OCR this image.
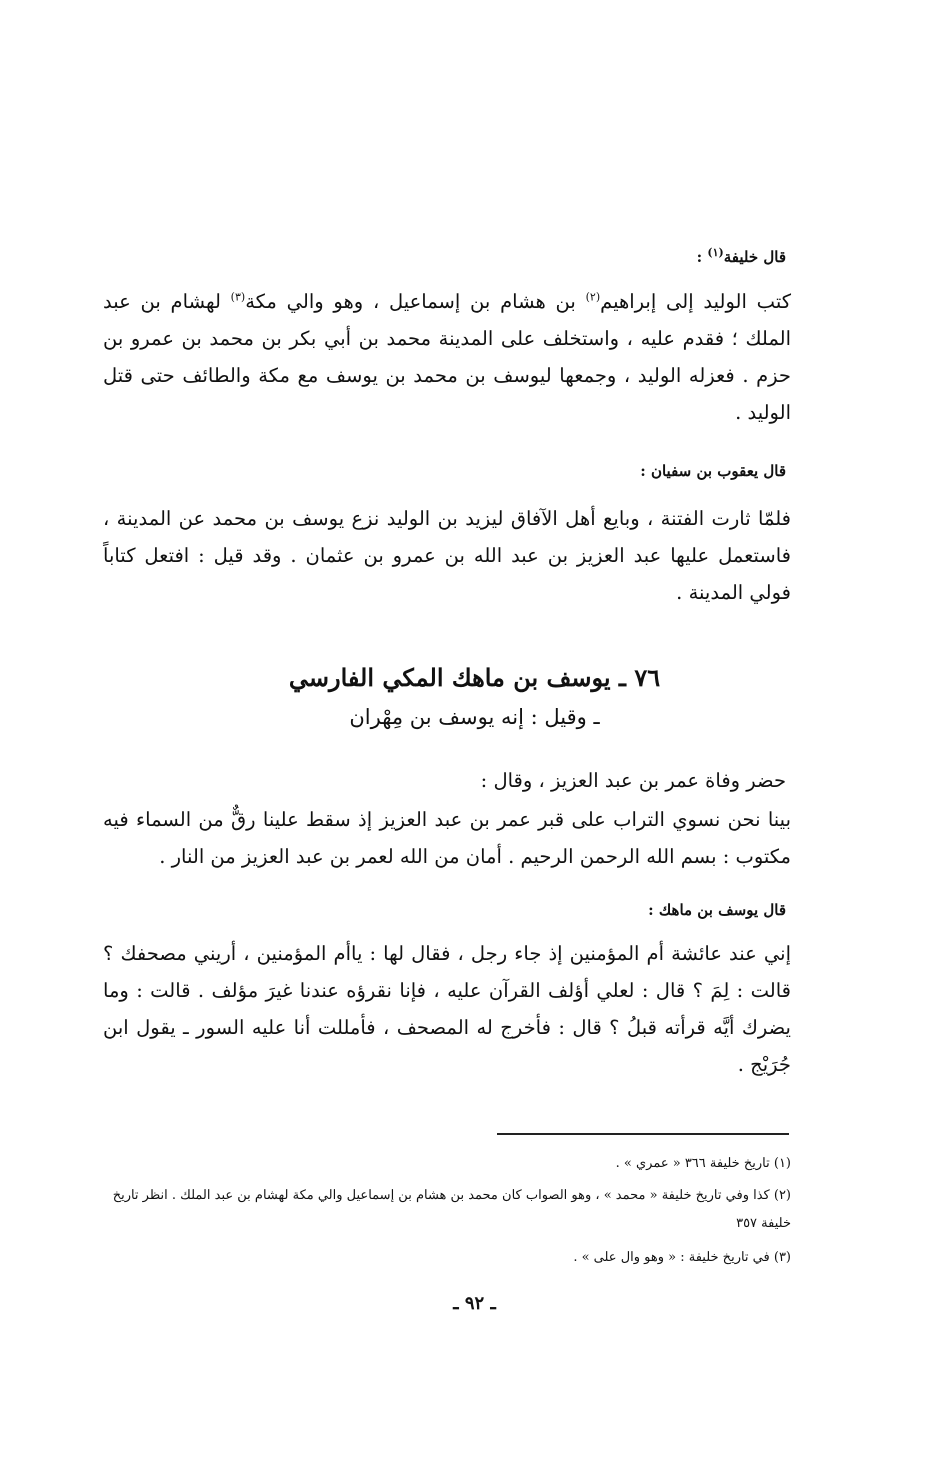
قال خليفة$^{(١)}$ :
كتب الوليد إلى إبراهيم$^{(٢)}$ بن هشام بن إسماعيل ، وهو والي مكة$^{(٣)}$ لهشام بن عبد الملك ؛ فقدم عليه ، واستخلف على المدينة محمد بن أبي بكر بن محمد بن عمرو بن حزم . فعزله الوليد ، وجمعها ليوسف بن محمد بن يوسف مع مكة والطائف حتى قتل الوليد .
قال يعقوب بن سفيان :
فلمّا ثارت الفتنة ، وبايع أهل الآفاق ليزيد بن الوليد نزع يوسف بن محمد عن المدينة ، فاستعمل عليها عبد العزيز بن عبد الله بن عمرو بن عثمان . وقد قيل : افتعل كتاباً فولي المدينة .
٧٦ ـ يوسف بن ماهك المكي الفارسي
ـ وقيل : إنه يوسف بن مِهْران
حضر وفاة عمر بن عبد العزيز ، وقال :
بينا نحن نسوي التراب على قبر عمر بن عبد العزيز إذ سقط علينا رقٌّ من السماء فيه مكتوب : بسم الله الرحمن الرحيم . أمان من الله لعمر بن عبد العزيز من النار .
قال يوسف بن ماهك :
إني عند عائشة أم المؤمنين إذ جاء رجل ، فقال لها : ياأم المؤمنين ، أريني مصحفك ؟ قالت : لِمَ ؟ قال : لعلي أؤلف القرآن عليه ، فإنا نقرؤه عندنا غيرَ مؤلف . قالت : وما يضرك أيَّه قرأته قبلُ ؟ قال : فأخرج له المصحف ، فأمللت أنا عليه السور ـ يقول ابن جُرَيْج .
(١) تاريخ خليفة ٣٦٦ « عمري » .
(٢) كذا وفي تاريخ خليفة « محمد » ، وهو الصواب كان محمد بن هشام بن إسماعيل والي مكة لهشام بن عبد الملك . انظر تاريخ خليفة ٣٥٧
(٣) في تاريخ خليفة : « وهو وال على » .
ـ ٩٢ ـ
